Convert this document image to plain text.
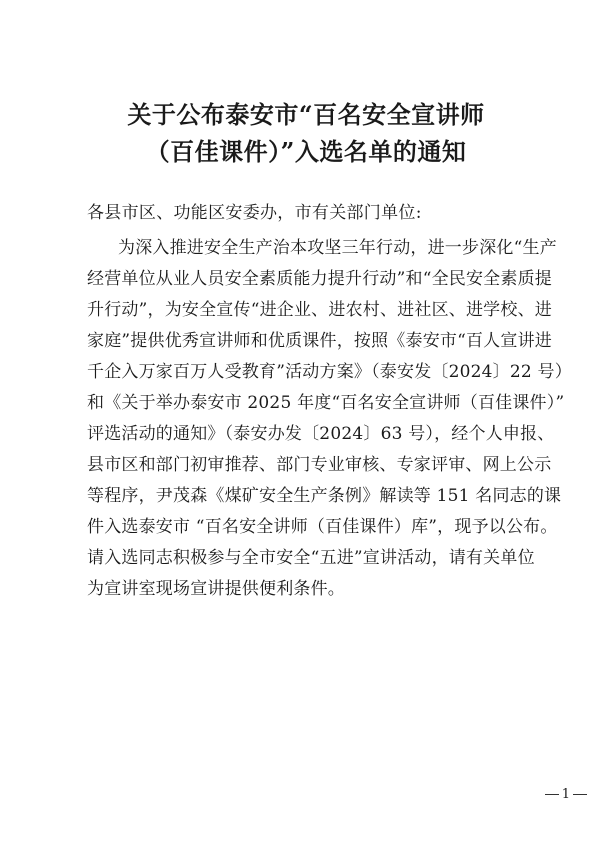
关于公布泰安市“百名安全宣讲师
（百佳课件）”入选名单的通知
各县市区、功能区安委办，市有关部门单位:
为深入推进安全生产治本攻坚三年行动，进一步深化“生产
经营单位从业人员安全素质能力提升行动”和“全民安全素质提
升行动”，为安全宣传“进企业、进农村、进社区、进学校、进
家庭”提供优秀宣讲师和优质课件，按照《泰安市“百人宣讲进
千企入万家百万人受教育”活动方案》（泰安发〔2024〕22 号）
和《关于举办泰安市 2025 年度“百名安全宣讲师（百佳课件）”
评选活动的通知》（泰安办发〔2024〕63 号），经个人申报、
县市区和部门初审推荐、部门专业审核、专家评审、网上公示
等程序，尹茂森《煤矿安全生产条例》解读等 151 名同志的课
件入选泰安市 “百名安全讲师（百佳课件）库”，现予以公布。
请入选同志积极参与全市安全“五进”宣讲活动，请有关单位
为宣讲室现场宣讲提供便利条件。
1
